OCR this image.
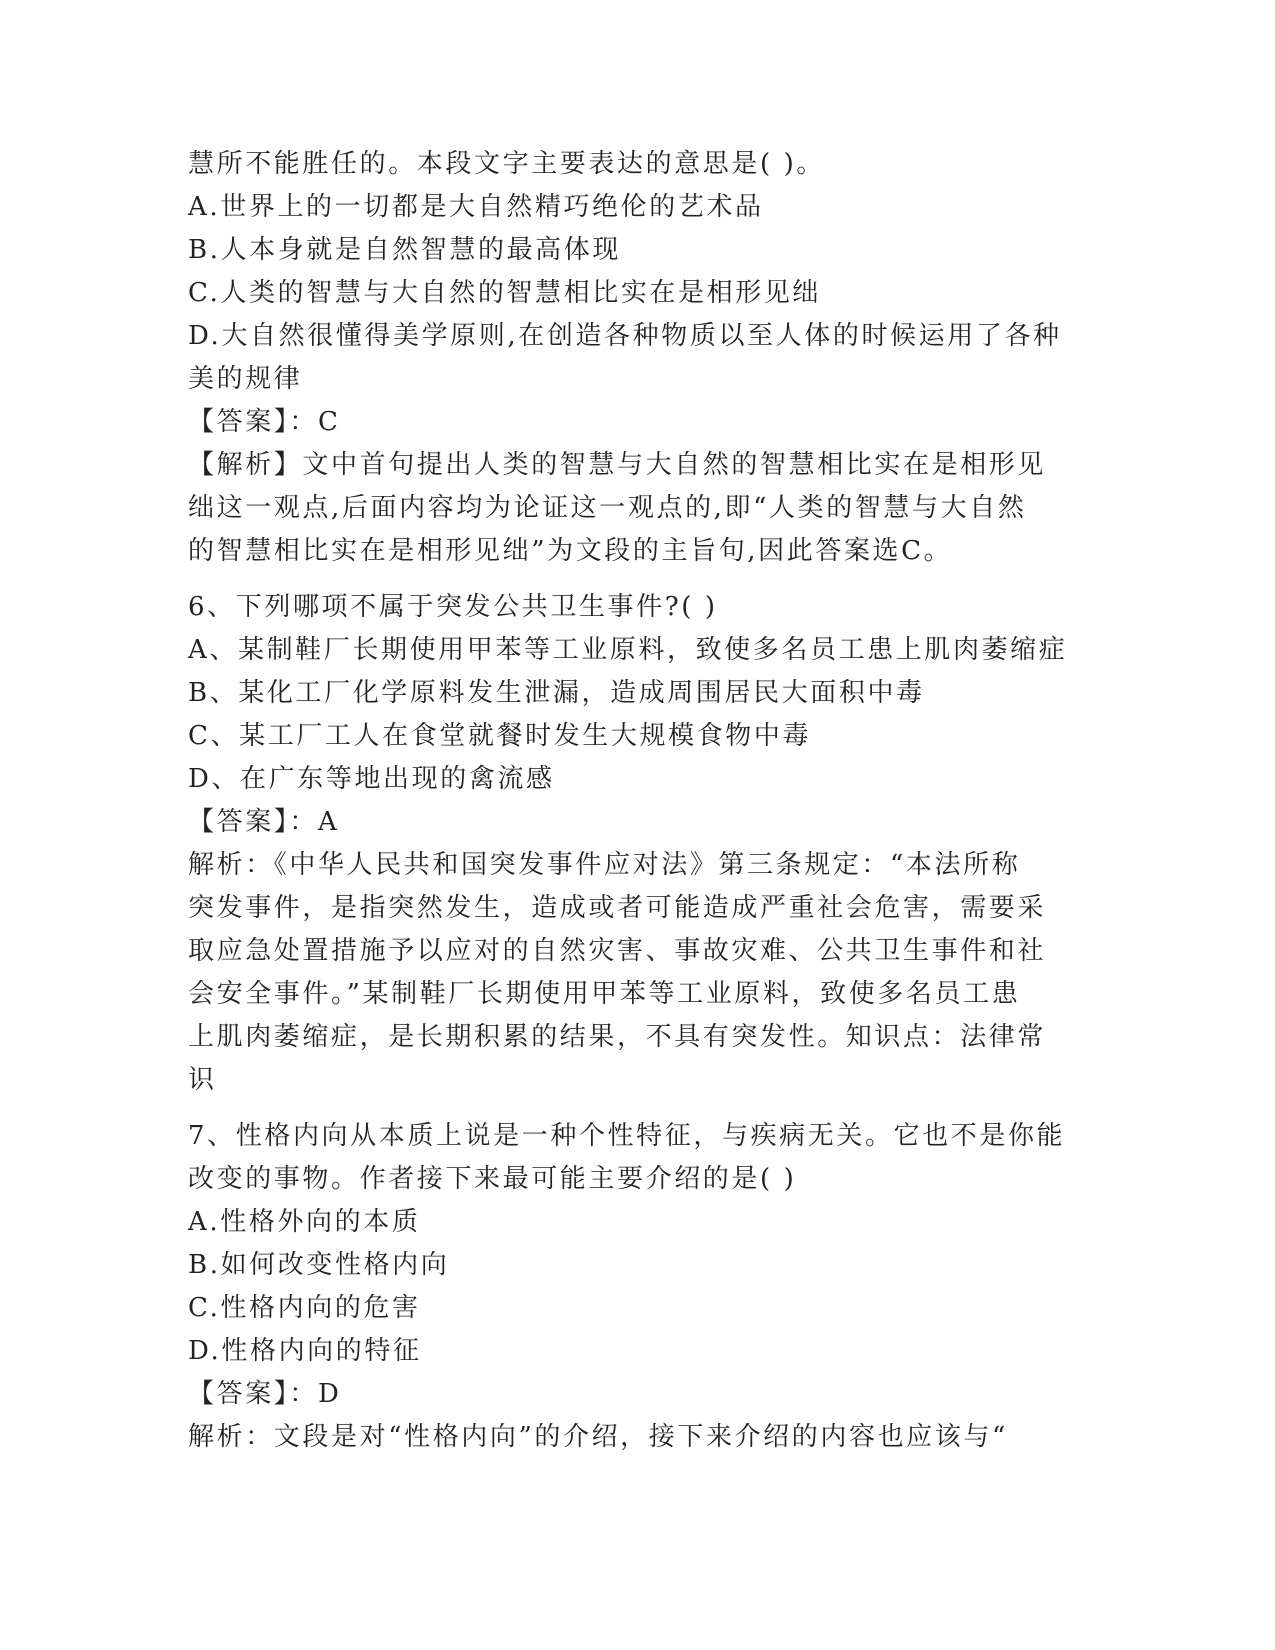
慧所不能胜任的。本段文字主要表达的意思是( )。

A.世界上的一切都是大自然精巧绝伦的艺术品

B.人本身就是自然智慧的最高体现

C.人类的智慧与大自然的智慧相比实在是相形见绌

D.大自然很懂得美学原则,在创造各种物质以至人体的时候运用了各种

美的规律

【答案】：C

【解析】文中首句提出人类的智慧与大自然的智慧相比实在是相形见

绌这一观点,后面内容均为论证这一观点的,即“人类的智慧与大自然

的智慧相比实在是相形见绌”为文段的主旨句,因此答案选C。

6、下列哪项不属于突发公共卫生事件?( )

A、某制鞋厂长期使用甲苯等工业原料，致使多名员工患上肌肉萎缩症

B、某化工厂化学原料发生泄漏，造成周围居民大面积中毒

C、某工厂工人在食堂就餐时发生大规模食物中毒

D、在广东等地出现的禽流感

【答案】：A

解析：《中华人民共和国突发事件应对法》第三条规定：“本法所称

突发事件，是指突然发生，造成或者可能造成严重社会危害，需要采

取应急处置措施予以应对的自然灾害、事故灾难、公共卫生事件和社

会安全事件。”某制鞋厂长期使用甲苯等工业原料，致使多名员工患

上肌肉萎缩症，是长期积累的结果，不具有突发性。知识点：法律常

识

7、性格内向从本质上说是一种个性特征，与疾病无关。它也不是你能

改变的事物。作者接下来最可能主要介绍的是( )

A.性格外向的本质

B.如何改变性格内向

C.性格内向的危害

D.性格内向的特征

【答案】：D

解析：文段是对“性格内向”的介绍，接下来介绍的内容也应该与“
